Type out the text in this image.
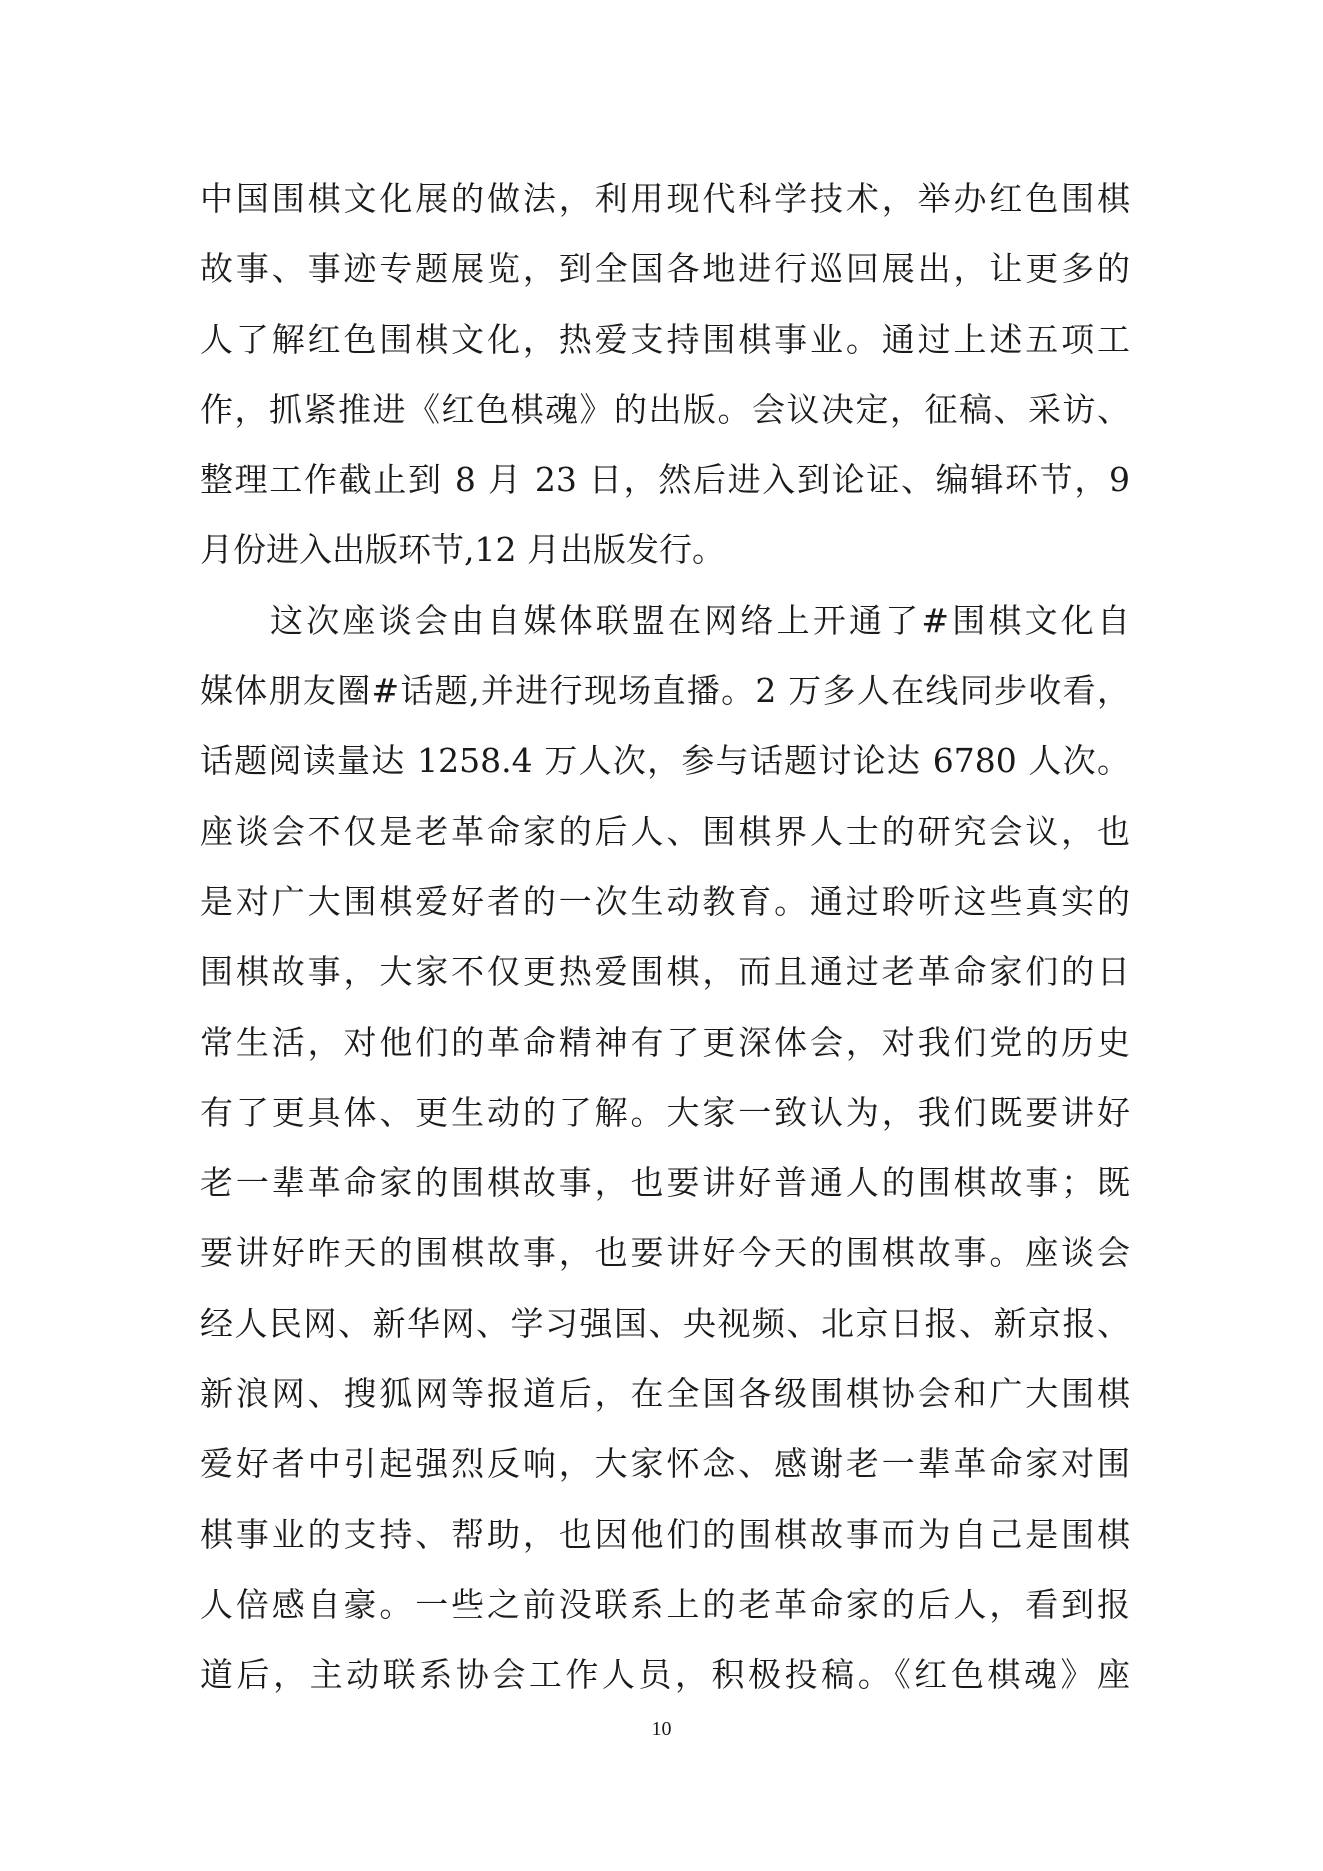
中国围棋文化展的做法，利用现代科学技术，举办红色围棋
故事、事迹专题展览，到全国各地进行巡回展出，让更多的
人了解红色围棋文化，热爱支持围棋事业。通过上述五项工
作，抓紧推进《红色棋魂》的出版。会议决定，征稿、采访、
整理工作截止到 8 月 23 日，然后进入到论证、编辑环节，9
月份进入出版环节,12 月出版发行。
这次座谈会由自媒体联盟在网络上开通了#围棋文化自
媒体朋友圈#话题,并进行现场直播。2 万多人在线同步收看，
话题阅读量达 1258.4 万人次，参与话题讨论达 6780 人次。
座谈会不仅是老革命家的后人、围棋界人士的研究会议，也
是对广大围棋爱好者的一次生动教育。通过聆听这些真实的
围棋故事，大家不仅更热爱围棋，而且通过老革命家们的日
常生活，对他们的革命精神有了更深体会，对我们党的历史
有了更具体、更生动的了解。大家一致认为，我们既要讲好
老一辈革命家的围棋故事，也要讲好普通人的围棋故事；既
要讲好昨天的围棋故事，也要讲好今天的围棋故事。座谈会
经人民网、新华网、学习强国、央视频、北京日报、新京报、
新浪网、搜狐网等报道后，在全国各级围棋协会和广大围棋
爱好者中引起强烈反响，大家怀念、感谢老一辈革命家对围
棋事业的支持、帮助，也因他们的围棋故事而为自己是围棋
人倍感自豪。一些之前没联系上的老革命家的后人，看到报
道后，主动联系协会工作人员，积极投稿。《红色棋魂》座
10
